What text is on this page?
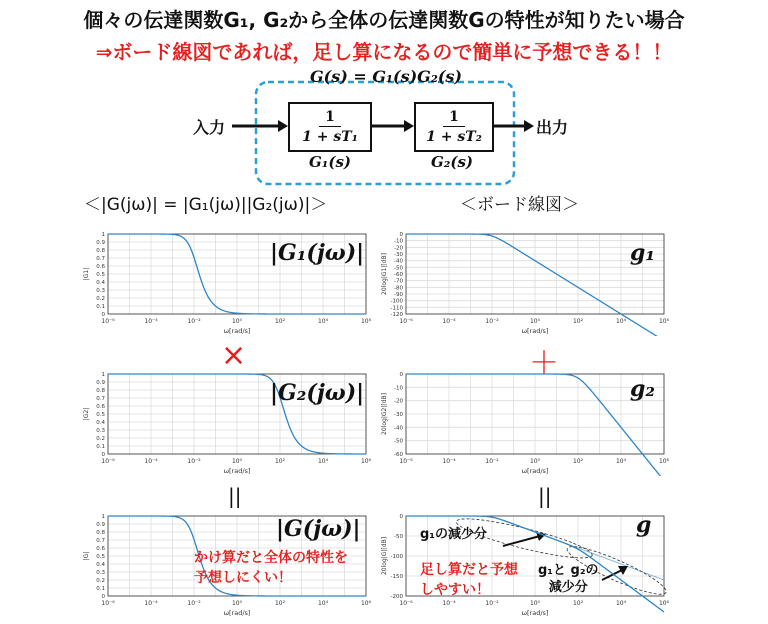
個々の伝達関数G₁, G₂から全体の伝達関数Gの特性が知りたい場合
⇒ボード線図であれば，足し算になるので簡単に予想できる！！
G(s) = G₁(s)G₂(s)
入力	出力
$\frac{1}{\text{1 + sT₁}}$	$\frac{1}{\text{1 + sT₂}}$
G₁(s)	G₂(s)
＜|G(jω)| = |G₁(jω)||G₂(jω)|＞	＜ボード線図＞
×	＋
||	||
1
0.9
0.8
0.7
0.6
0.5
0.4
0.3
0.2
0.1
0
10⁻⁶	10⁻⁴	10⁻²	10⁰	10²	10⁴	10⁶
ω[rad/s]
|G1|
1
0.9
0.8
0.7
0.6
0.5
0.4
0.3
0.2
0.1
0
10⁻⁶	10⁻⁴	10⁻²	10⁰	10²	10⁴	10⁶
ω[rad/s]
|G2|
1
0.9
0.8
0.7
0.6
0.5
0.4
0.3
0.2
0.1
0
10⁻⁶	10⁻⁴	10⁻²	10⁰	10²	10⁴	10⁶
ω[rad/s]
|G|
0
-10
-20
-30
-40
-50
-60
-70
-80
-90
-100
-110
-120
10⁻⁶	10⁻⁴	10⁻²	10⁰	10²	10⁴	10⁶
ω[rad/s]
20log|G1|[dB]
0
-10
-20
-30
-40
-50
-60
10⁻⁶	10⁻⁴	10⁻²	10⁰	10²	10⁴	10⁶
ω[rad/s]
20log|G2|[dB]
0
-50
-100
-150
-200
10⁻⁶	10⁻⁴	10⁻²	10⁰	10²	10⁴	10⁶
ω[rad/s]
20log|G|[dB]
|G₁(jω)|
|G₂(jω)|
|G(jω)|
g₁
g₂
g
かけ算だと全体の特性を
予想しにくい！
g₁の減少分
g₁と g₂の
減少分
足し算だと予想
しやすい！
